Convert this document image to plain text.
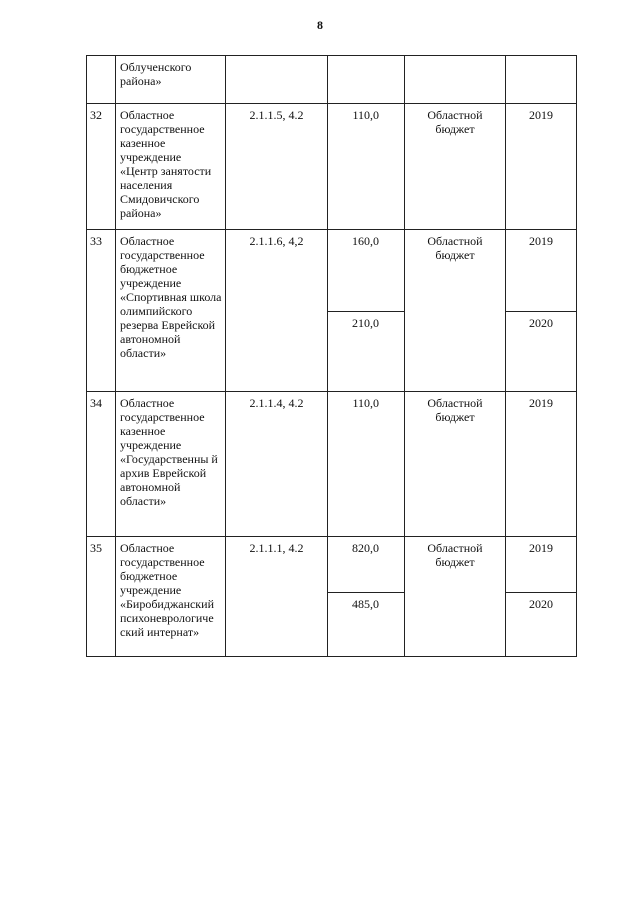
8
	Облученского района»				
32	Областное государственное казенное учреждение «Центр занятости населения Смидовичского района»	2.1.1.5, 4.2	110,0	Областной бюджет	2019
33	Областное государственное бюджетное учреждение «Спортивная школа олимпийского резерва Еврейской автономной области»	2.1.1.6, 4,2	160,0	Областной бюджет	2019
			210,0		2020
34	Областное государственное казенное учреждение «Государственны й архив Еврейской автономной области»	2.1.1.4, 4.2	110,0	Областной бюджет	2019
35	Областное государственное бюджетное учреждение «Биробиджанский психоневрологиче ский интернат»	2.1.1.1, 4.2	820,0	Областной бюджет	2019
			485,0		2020
